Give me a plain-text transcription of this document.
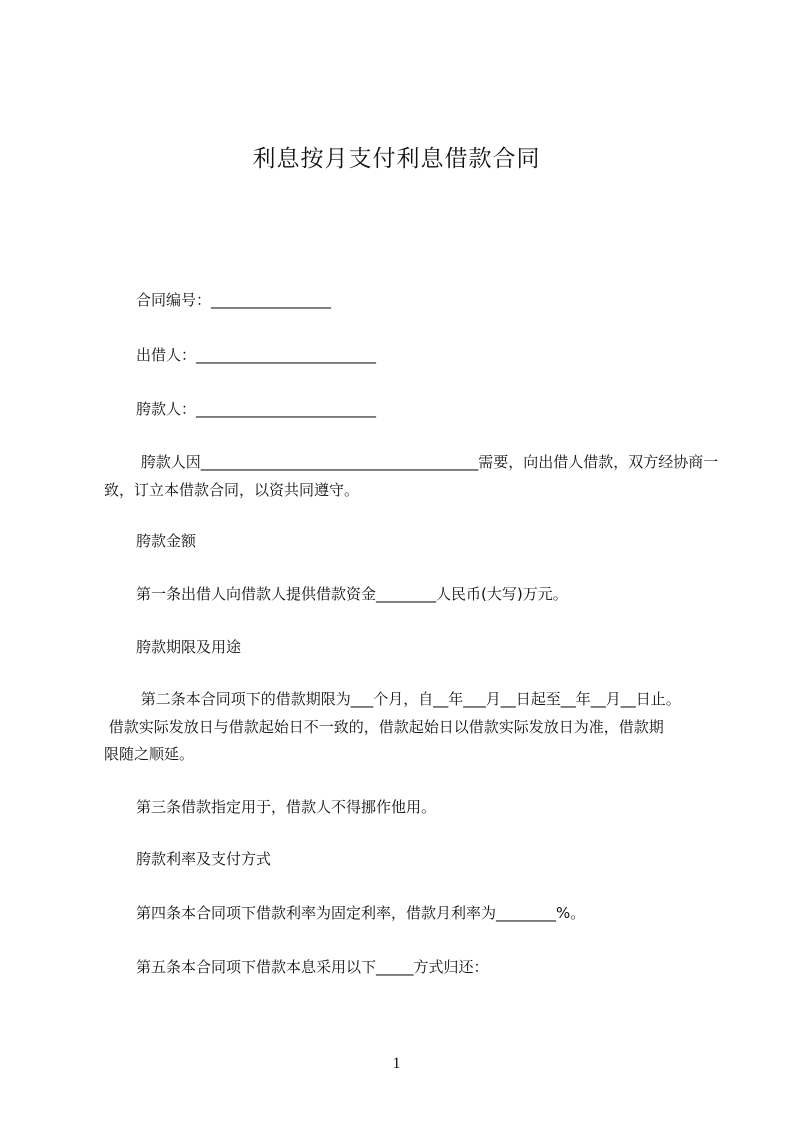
利息按月支付利息借款合同
合同编号：________________
出借人：________________________
胯款人：________________________
胯款人因_____________________________________需要，向出借人借款，双方经协商一
致，订立本借款合同，以资共同遵守。
胯款金额
第一条出借人向借款人提供借款资金________人民币(大写)万元。
胯款期限及用途
第二条本合同项下的借款期限为___个月，自__年___月__日起至__年__月__日止。
借款实际发放日与借款起始日不一致的，借款起始日以借款实际发放日为准，借款期
限随之顺延。
第三条借款指定用于，借款人不得挪作他用。
胯款利率及支付方式
第四条本合同项下借款利率为固定利率，借款月利率为________%。
第五条本合同项下借款本息采用以下_____方式归还：
1
